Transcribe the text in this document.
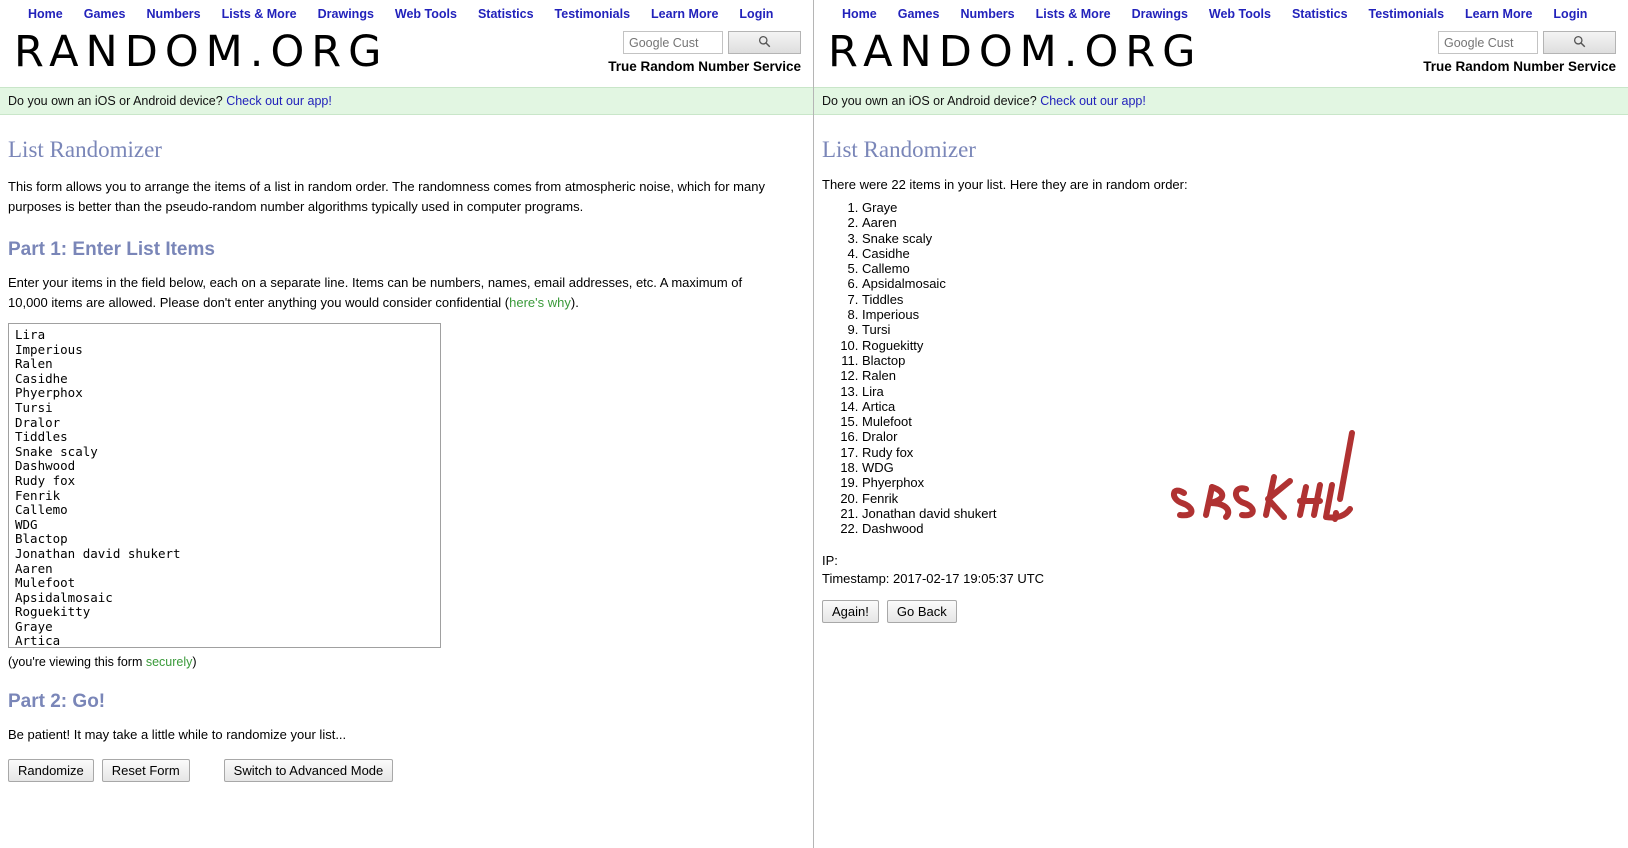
Home Games Numbers Lists & More Drawings Web Tools Statistics Testimonials Learn More Login
RANDOM.ORG
Google Cust	True Random Number Service
Do you own an iOS or Android device? Check out our app!
List Randomizer

This form allows you to arrange the items of a list in random order. The randomness comes from atmospheric noise, which for many purposes is better than the pseudo-random number algorithms typically used in computer programs.

Part 1: Enter List Items

Enter your items in the field below, each on a separate line. Items can be numbers, names, email addresses, etc. A maximum of 10,000 items are allowed. Please don't enter anything you would consider confidential (here's why).

Lira Imperious Ralen Casidhe Phyerphox Tursi Dralor Tiddles Snake scaly Dashwood Rudy fox Fenrik Callemo WDG Blactop Jonathan david shukert Aaren Mulefoot Apsidalmosaic Roguekitty Graye Artica
(you're viewing this form securely)
Part 2: Go!

Be patient! It may take a little while to randomize your list...

Randomize	Reset Form	Switch to Advanced Mode
Home Games Numbers Lists & More Drawings Web Tools Statistics Testimonials Learn More Login
RANDOM.ORG
Google Cust	True Random Number Service
Do you own an iOS or Android device? Check out our app!
List Randomizer
There were 22 items in your list. Here they are in random order:
1. Graye
2. Aaren
3. Snake scaly
4. Casidhe
5. Callemo
6. Apsidalmosaic
7. Tiddles
8. Imperious
9. Tursi
10. Roguekitty
11. Blactop
12. Ralen
13. Lira
14. Artica
15. Mulefoot
16. Dralor
17. Rudy fox
18. WDG
19. Phyerphox
20. Fenrik
21. Jonathan david shukert
22. Dashwood
IP:
Timestamp: 2017-02-17 19:05:37 UTC
Again!	Go Back
